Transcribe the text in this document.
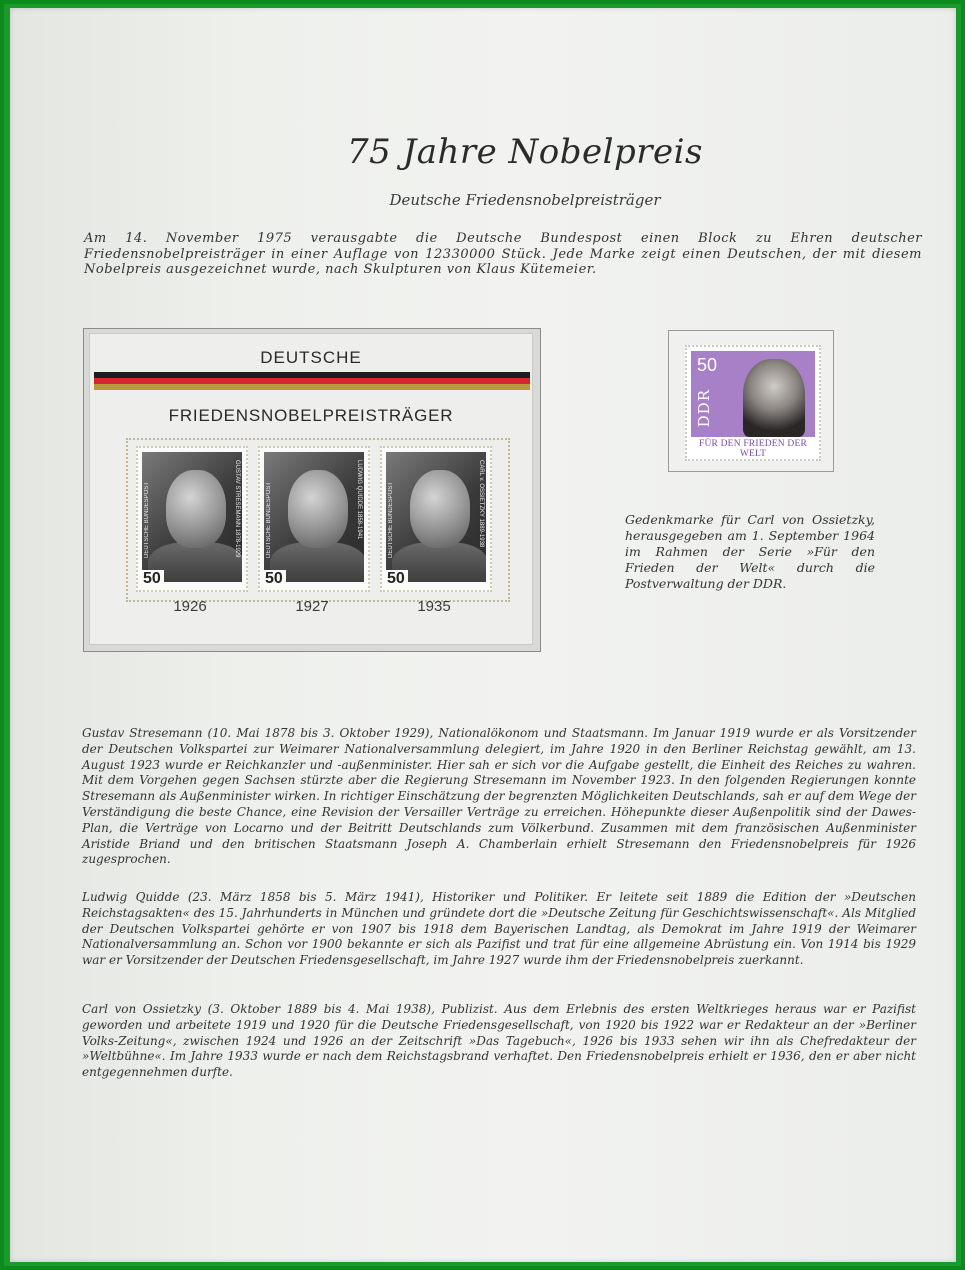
75 Jahre Nobelpreis
Deutsche Friedensnobelpreisträger
Am 14. November 1975 verausgabte die Deutsche Bundespost einen Block zu Ehren deutscher Friedensnobelpreisträger in einer Auflage von 12330000 Stück. Jede Marke zeigt einen Deutschen, der mit diesem Nobelpreis ausgezeichnet wurde, nach Skulpturen von Klaus Kütemeier.
DEUTSCHE
FRIEDENSNOBELPREISTRÄGER
DEUTSCHE BUNDESPOST	GUSTAV STRESEMANN 1878-1929
50
DEUTSCHE BUNDESPOST	LUDWIG QUIDDE 1858-1941
50
DEUTSCHE BUNDESPOST	CARL v. OSSIETZKY 1889-1938
50
1926	1927	1935
50
DDR
FÜR DEN FRIEDEN DER WELT
Gedenkmarke für Carl von Ossietzky, herausgegeben am 1. September 1964 im Rahmen der Serie »Für den Frieden der Welt« durch die Postverwaltung der DDR.
Gustav Stresemann (10. Mai 1878 bis 3. Oktober 1929), Nationalökonom und Staatsmann. Im Januar 1919 wurde er als Vorsitzender der Deutschen Volkspartei zur Weimarer Nationalversammlung delegiert, im Jahre 1920 in den Berliner Reichstag gewählt, am 13. August 1923 wurde er Reichkanzler und -außenminister. Hier sah er sich vor die Aufgabe gestellt, die Einheit des Reiches zu wahren. Mit dem Vorgehen gegen Sachsen stürzte aber die Regierung Stresemann im November 1923. In den folgenden Regierungen konnte Stresemann als Außenminister wirken. In richtiger Einschätzung der begrenzten Möglichkeiten Deutschlands, sah er auf dem Wege der Verständigung die beste Chance, eine Revision der Versailler Verträge zu erreichen. Höhepunkte dieser Außenpolitik sind der Dawes-Plan, die Verträge von Locarno und der Beitritt Deutschlands zum Völkerbund. Zusammen mit dem französischen Außenminister Aristide Briand und den britischen Staatsmann Joseph A. Chamberlain erhielt Stresemann den Friedensnobelpreis für 1926 zugesprochen.
Ludwig Quidde (23. März 1858 bis 5. März 1941), Historiker und Politiker. Er leitete seit 1889 die Edition der »Deutschen Reichstagsakten« des 15. Jahrhunderts in München und gründete dort die »Deutsche Zeitung für Geschichtswissenschaft«. Als Mitglied der Deutschen Volkspartei gehörte er von 1907 bis 1918 dem Bayerischen Landtag, als Demokrat im Jahre 1919 der Weimarer Nationalversammlung an. Schon vor 1900 bekannte er sich als Pazifist und trat für eine allgemeine Abrüstung ein. Von 1914 bis 1929 war er Vorsitzender der Deutschen Friedensgesellschaft, im Jahre 1927 wurde ihm der Friedensnobelpreis zuerkannt.
Carl von Ossietzky (3. Oktober 1889 bis 4. Mai 1938), Publizist. Aus dem Erlebnis des ersten Weltkrieges heraus war er Pazifist geworden und arbeitete 1919 und 1920 für die Deutsche Friedensgesellschaft, von 1920 bis 1922 war er Redakteur an der »Berliner Volks-Zeitung«, zwischen 1924 und 1926 an der Zeitschrift »Das Tagebuch«, 1926 bis 1933 sehen wir ihn als Chefredakteur der »Weltbühne«. Im Jahre 1933 wurde er nach dem Reichstagsbrand verhaftet. Den Friedensnobelpreis erhielt er 1936, den er aber nicht entgegennehmen durfte.
